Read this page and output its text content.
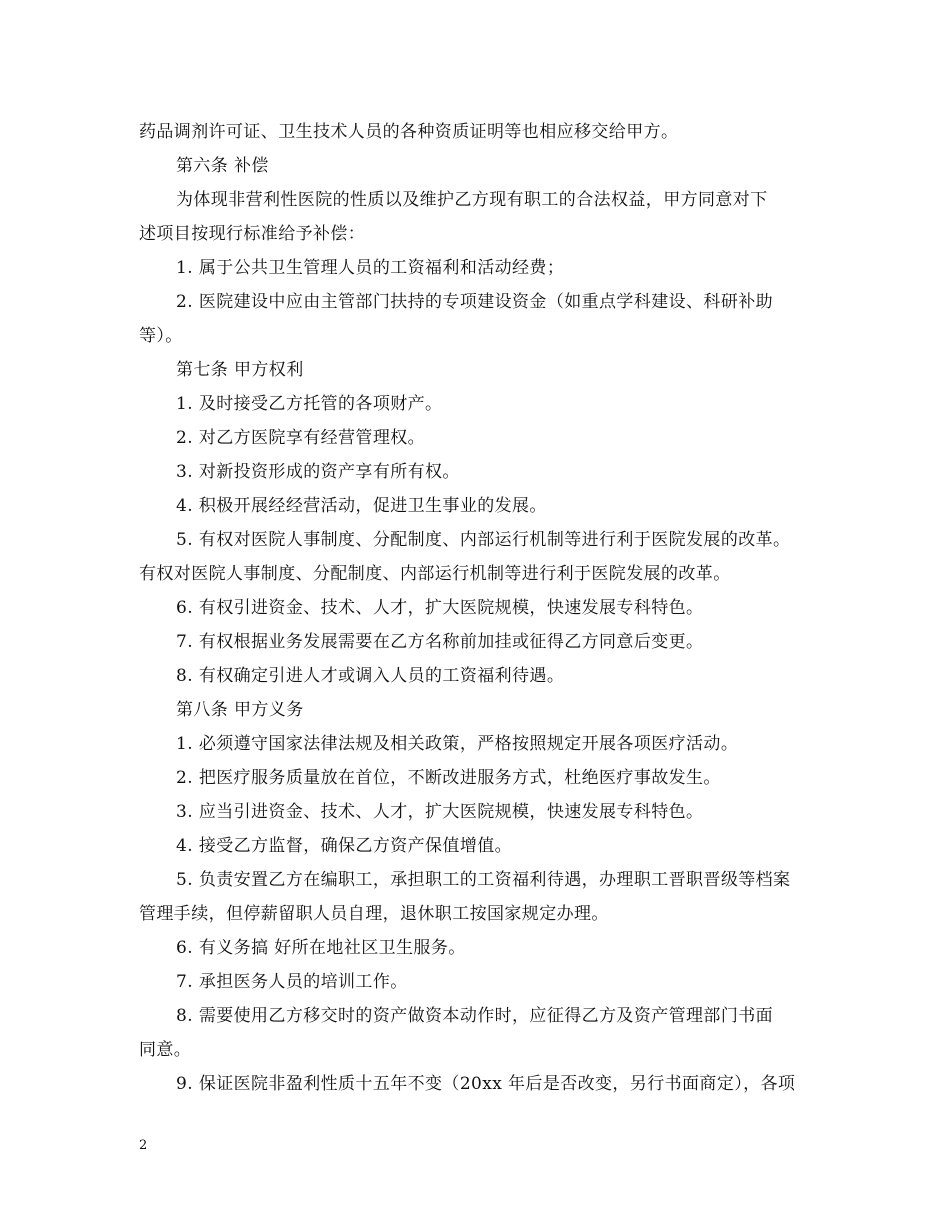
药品调剂许可证、卫生技术人员的各种资质证明等也相应移交给甲方。
第六条 补偿
为体现非营利性医院的性质以及维护乙方现有职工的合法权益，甲方同意对下
述项目按现行标准给予补偿：
1. 属于公共卫生管理人员的工资福利和活动经费；
2. 医院建设中应由主管部门扶持的专项建设资金（如重点学科建设、科研补助
等）。
第七条 甲方权利
1. 及时接受乙方托管的各项财产。
2. 对乙方医院享有经营管理权。
3. 对新投资形成的资产享有所有权。
4. 积极开展经经营活动，促进卫生事业的发展。
5. 有权对医院人事制度、分配制度、内部运行机制等进行利于医院发展的改革。
有权对医院人事制度、分配制度、内部运行机制等进行利于医院发展的改革。
6. 有权引进资金、技术、人才，扩大医院规模，快速发展专科特色。
7. 有权根据业务发展需要在乙方名称前加挂或征得乙方同意后变更。
8. 有权确定引进人才或调入人员的工资福利待遇。
第八条 甲方义务
1. 必须遵守国家法律法规及相关政策，严格按照规定开展各项医疗活动。
2. 把医疗服务质量放在首位，不断改进服务方式，杜绝医疗事故发生。
3. 应当引进资金、技术、人才，扩大医院规模，快速发展专科特色。
4. 接受乙方监督，确保乙方资产保值增值。
5. 负责安置乙方在编职工，承担职工的工资福利待遇，办理职工晋职晋级等档案
管理手续，但停薪留职人员自理，退休职工按国家规定办理。
6. 有义务搞 好所在地社区卫生服务。
7. 承担医务人员的培训工作。
8. 需要使用乙方移交时的资产做资本动作时，应征得乙方及资产管理部门书面
同意。
9. 保证医院非盈利性质十五年不变（20xx 年后是否改变，另行书面商定），各项
2
